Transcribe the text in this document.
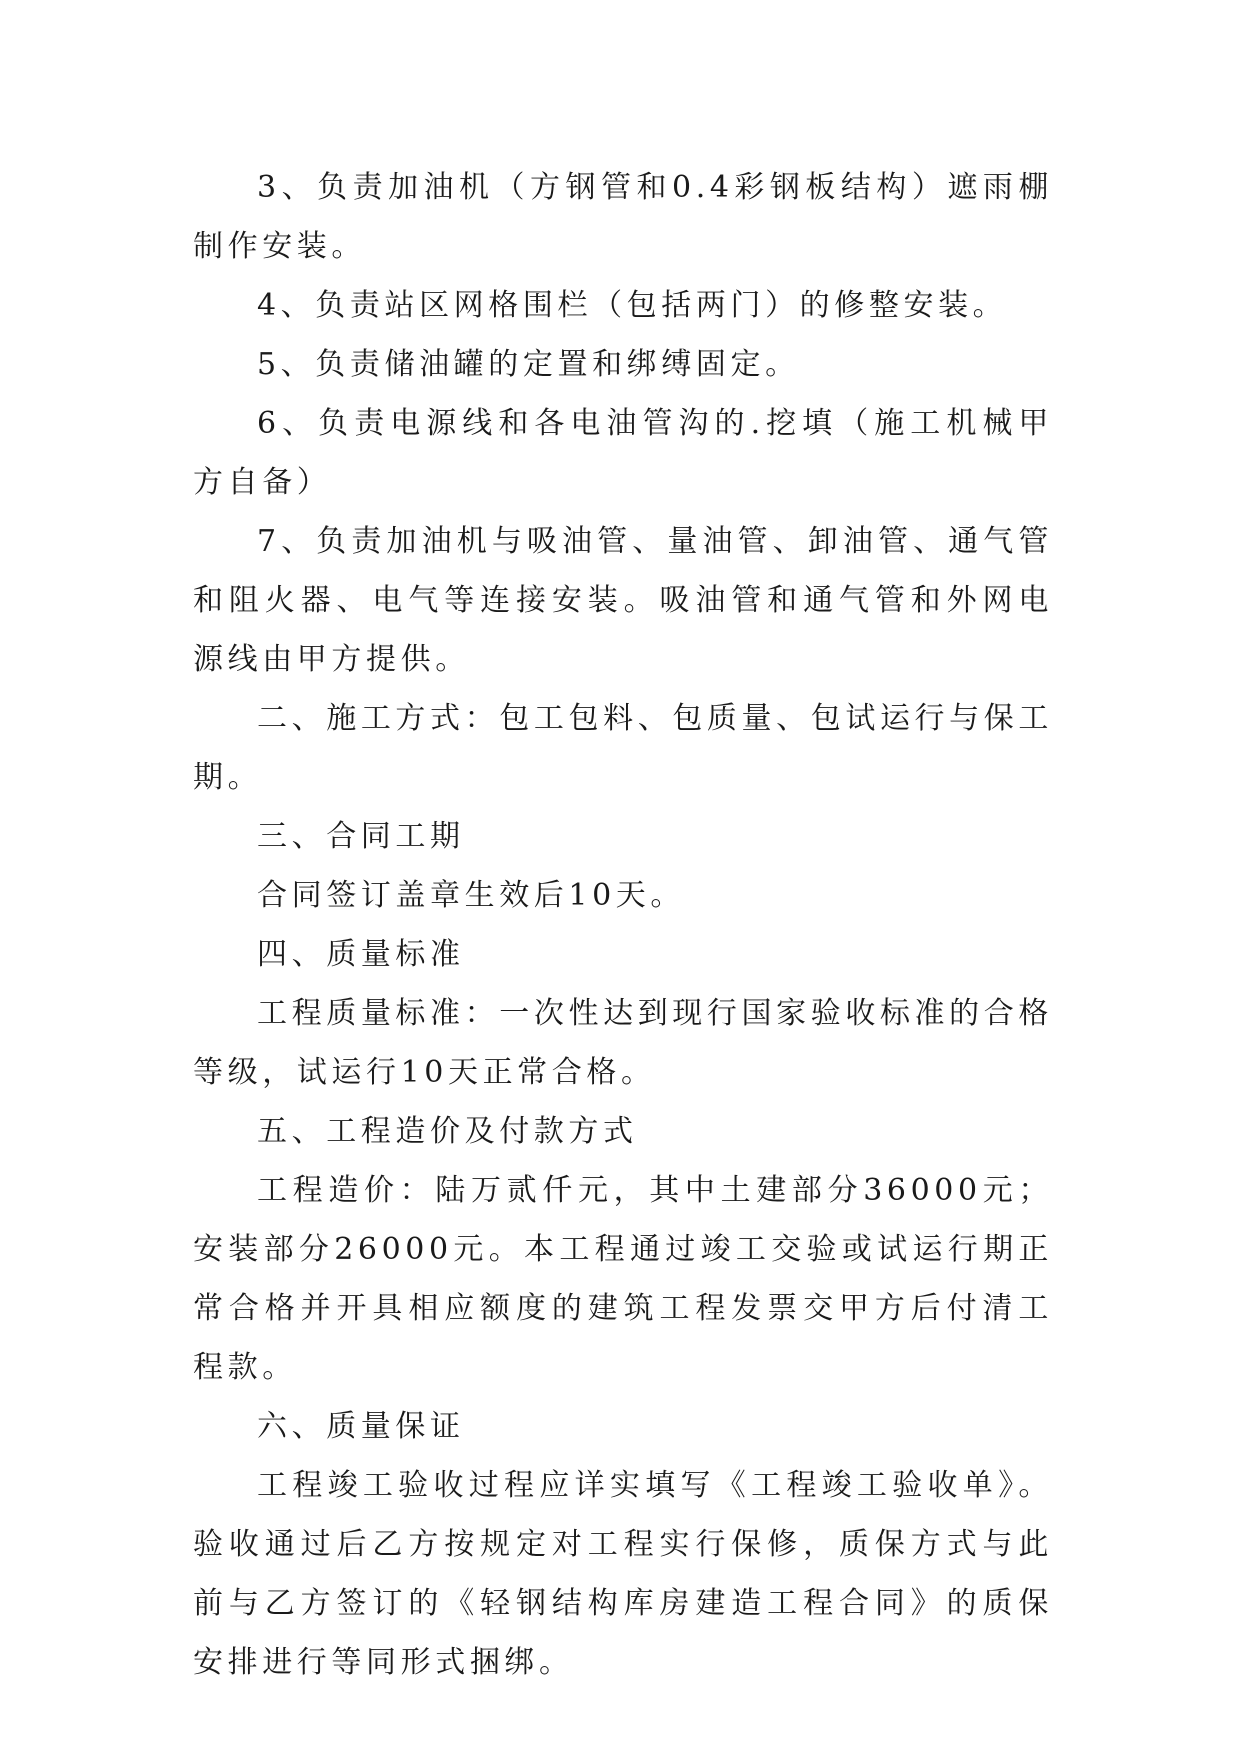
3、负责加油机（方钢管和0.4彩钢板结构）遮雨棚制作安装。

4、负责站区网格围栏（包括两门）的修整安装。

5、负责储油罐的定置和绑缚固定。

6、负责电源线和各电油管沟的.挖填（施工机械甲方自备）

7、负责加油机与吸油管、量油管、卸油管、通气管和阻火器、电气等连接安装。吸油管和通气管和外网电源线由甲方提供。

二、施工方式：包工包料、包质量、包试运行与保工期。

三、合同工期

合同签订盖章生效后10天。

四、质量标准

工程质量标准：一次性达到现行国家验收标准的合格等级，试运行10天正常合格。

五、工程造价及付款方式

工程造价：陆万贰仟元，其中土建部分36000元；安装部分26000元。本工程通过竣工交验或试运行期正常合格并开具相应额度的建筑工程发票交甲方后付清工程款。

六、质量保证

工程竣工验收过程应详实填写《工程竣工验收单》。验收通过后乙方按规定对工程实行保修，质保方式与此前与乙方签订的《轻钢结构库房建造工程合同》的质保安排进行等同形式捆绑。
